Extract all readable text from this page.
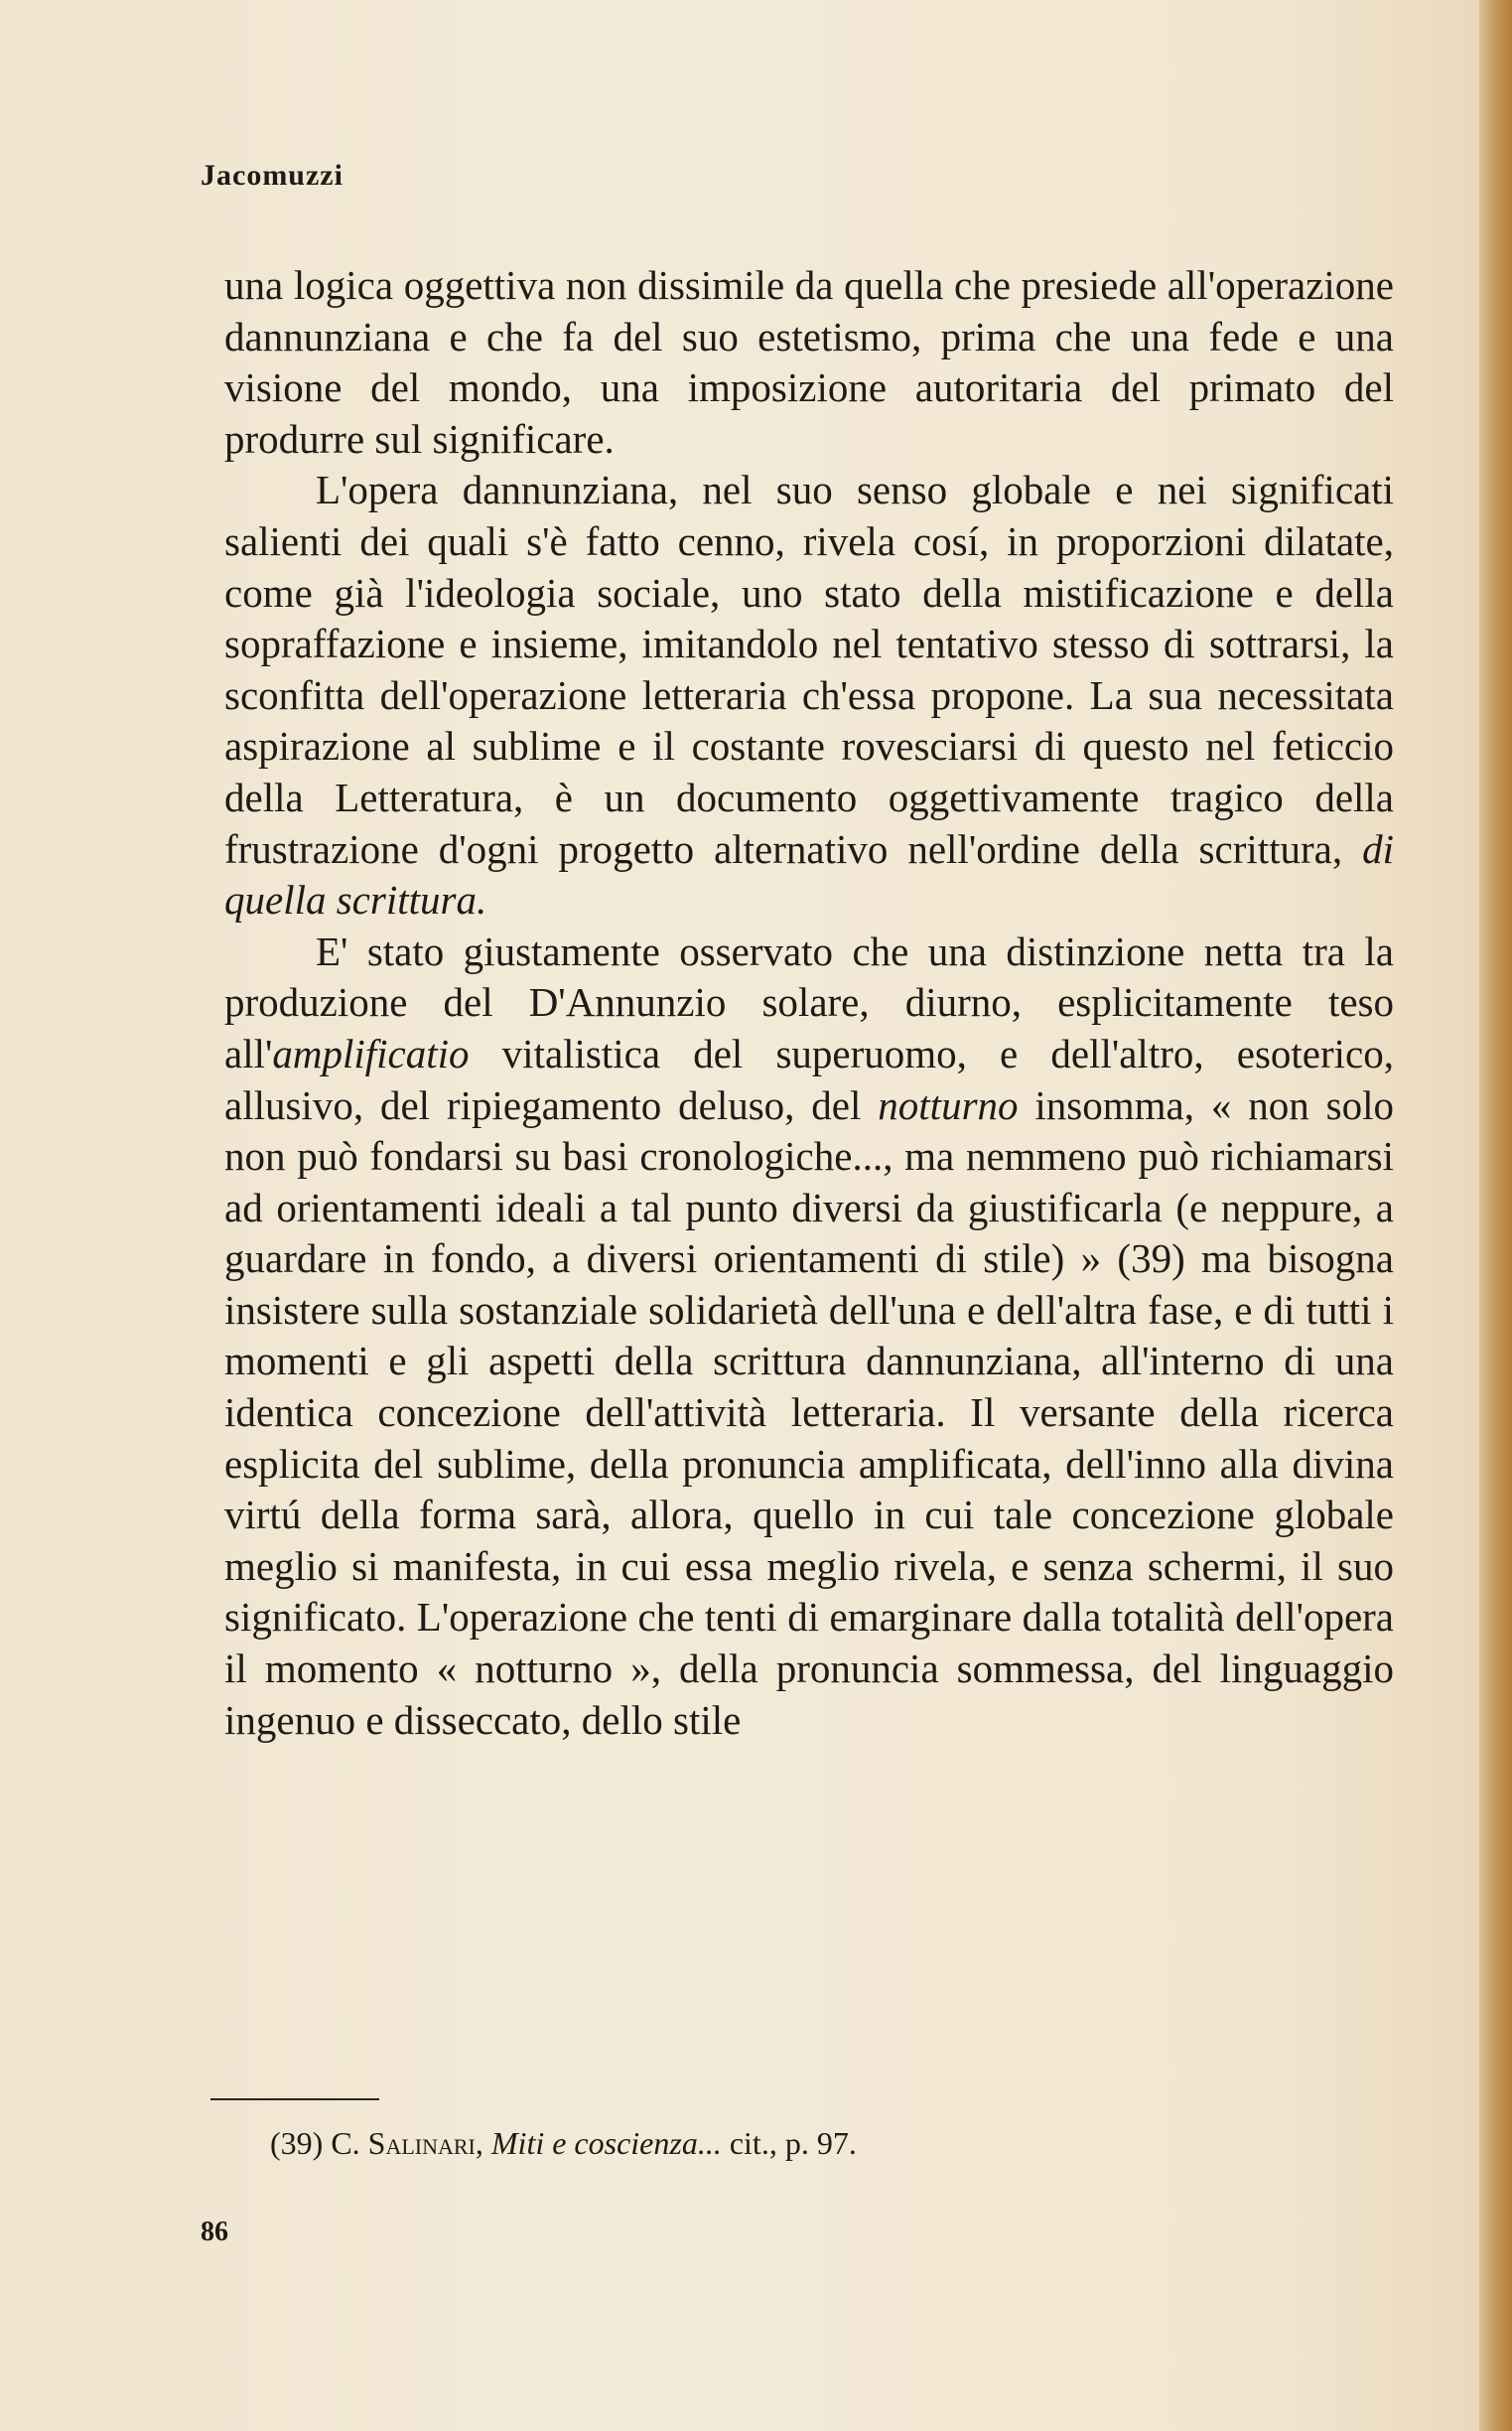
Jacomuzzi

una logica oggettiva non dissimile da quella che presiede all'operazione dannunziana e che fa del suo estetismo, prima che una fede e una visione del mondo, una imposizione autoritaria del primato del produrre sul significare.

L'opera dannunziana, nel suo senso globale e nei significati salienti dei quali s'è fatto cenno, rivela cosí, in proporzioni dilatate, come già l'ideologia sociale, uno stato della mistificazione e della sopraffazione e insieme, imitandolo nel tentativo stesso di sottrarsi, la sconfitta dell'operazione letteraria ch'essa propone. La sua necessitata aspirazione al sublime e il costante rovesciarsi di questo nel feticcio della Letteratura, è un documento oggettivamente tragico della frustrazione d'ogni progetto alternativo nell'ordine della scrittura, di quella scrittura.

E' stato giustamente osservato che una distinzione netta tra la produzione del D'Annunzio solare, diurno, esplicitamente teso all'amplificatio vitalistica del superuomo, e dell'altro, esoterico, allusivo, del ripiegamento deluso, del notturno insomma, « non solo non può fondarsi su basi cronologiche..., ma nemmeno può richiamarsi ad orientamenti ideali a tal punto diversi da giustificarla (e neppure, a guardare in fondo, a diversi orientamenti di stile) » (39) ma bisogna insistere sulla sostanziale solidarietà dell'una e dell'altra fase, e di tutti i momenti e gli aspetti della scrittura dannunziana, all'interno di una identica concezione dell'attività letteraria. Il versante della ricerca esplicita del sublime, della pronuncia amplificata, dell'inno alla divina virtú della forma sarà, allora, quello in cui tale concezione globale meglio si manifesta, in cui essa meglio rivela, e senza schermi, il suo significato. L'operazione che tenti di emarginare dalla totalità dell'opera il momento « notturno », della pronuncia sommessa, del linguaggio ingenuo e disseccato, dello stile

(39) C. Salinari, Miti e coscienza... cit., p. 97.
86
